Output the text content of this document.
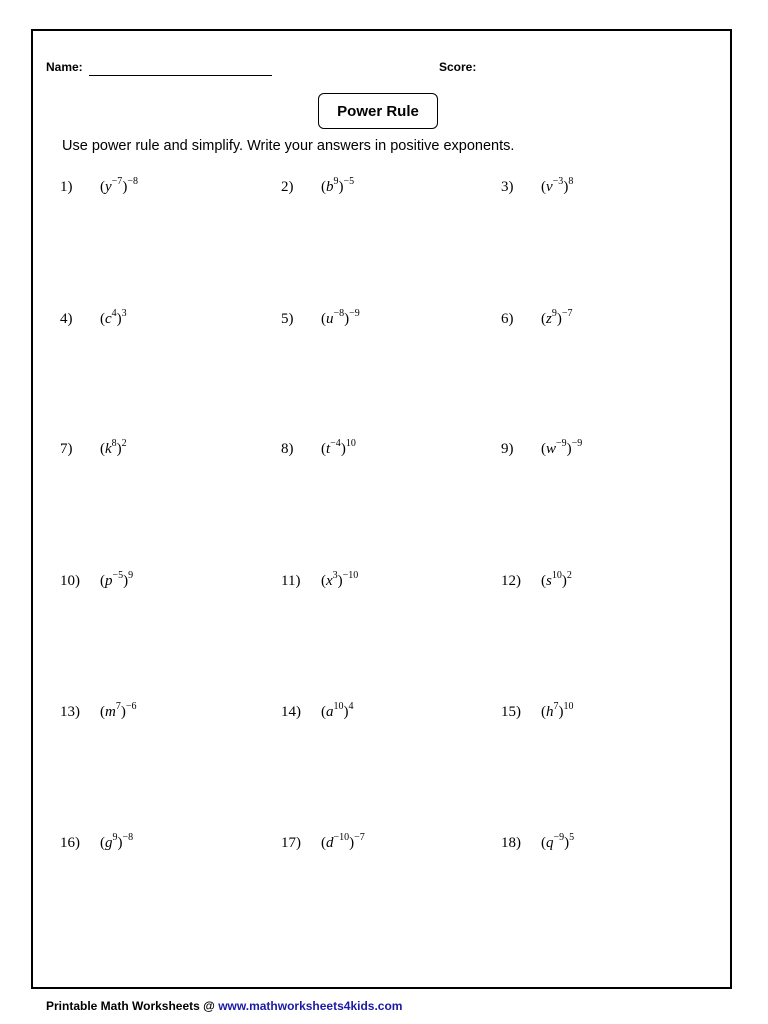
Name:	Score:
Power Rule
Use power rule and simplify. Write your answers in positive exponents.
1) $(y^{-7})^{-8}$	2) $(b^9)^{-5}$	3) $(v^{-3})^8$
4) $(c^4)^3$	5) $(u^{-8})^{-9}$	6) $(z^9)^{-7}$
7) $(k^8)^2$	8) $(t^{-4})^{10}$	9) $(w^{-9})^{-9}$
10) $(p^{-5})^9$	11) $(x^3)^{-10}$	12) $(s^{10})^2$
13) $(m^7)^{-6}$	14) $(a^{10})^4$	15) $(h^7)^{10}$
16) $(g^9)^{-8}$	17) $(d^{-10})^{-7}$	18) $(q^{-9})^5$
Printable Math Worksheets @ www.mathworksheets4kids.com
